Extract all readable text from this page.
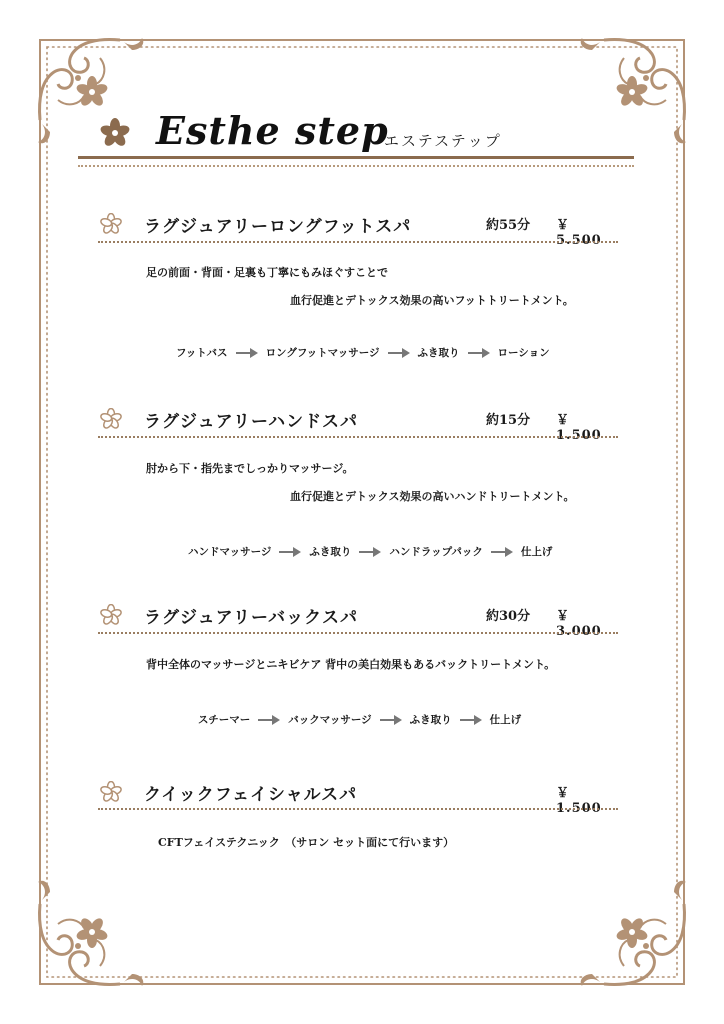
Esthe step
エステステップ
ラグジュアリーロングフットスパ	約55分 ￥ 5.500
足の前面・背面・足裏も丁寧にもみほぐすことで
血行促進とデトックス効果の高いフットトリートメント。
フットバス	ロングフットマッサージ	ふき取り	ローション
ラグジュアリーハンドスパ	約15分 ￥ 1.500
肘から下・指先までしっかりマッサージ。
血行促進とデトックス効果の高いハンドトリートメント。
ハンドマッサージ	ふき取り	ハンドラップパック	仕上げ
ラグジュアリーバックスパ	約30分 ￥ 3.000
背中全体のマッサージとニキビケア 背中の美白効果もあるバックトリートメント。
スチーマー	バックマッサージ	ふき取り	仕上げ
クイックフェイシャルスパ	￥ 1.500
CFTフェイステクニック　（サロン セット面にて行います）
